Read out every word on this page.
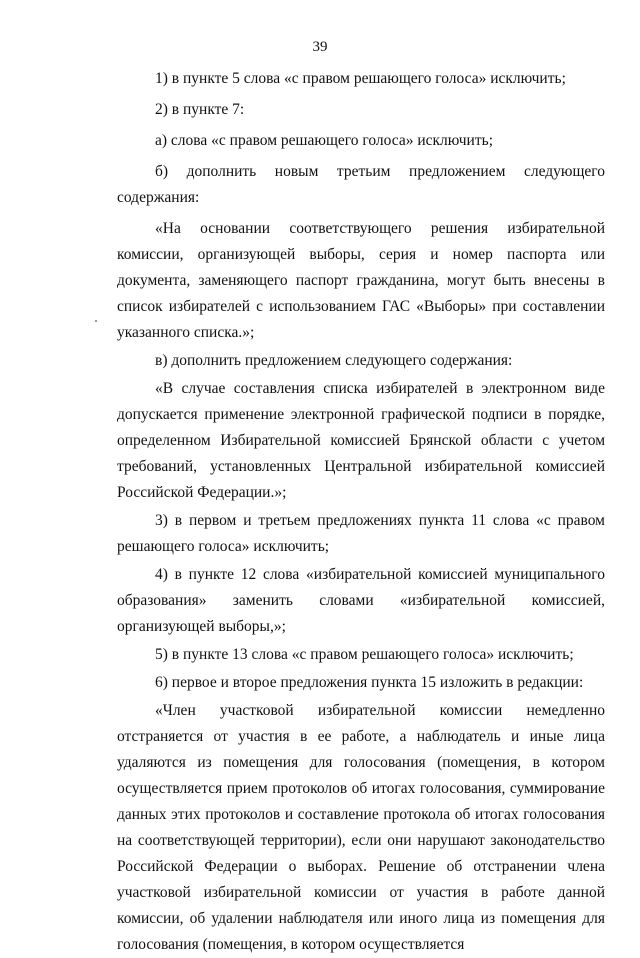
39

1) в пункте 5 слова «с правом решающего голоса» исключить;

2) в пункте 7:

а) слова «с правом решающего голоса» исключить;

б) дополнить новым третьим предложением следующего содержания:

«На основании соответствующего решения избирательной комиссии, организующей выборы, серия и номер паспорта или документа, заменяющего паспорт гражданина, могут быть внесены в список избирателей с использованием ГАС «Выборы» при составлении указанного списка.»;

в) дополнить предложением следующего содержания:

«В случае составления списка избирателей в электронном виде допускается применение электронной графической подписи в порядке, определенном Избирательной комиссией Брянской области с учетом требований, установленных Центральной избирательной комиссией Российской Федерации.»;

3) в первом и третьем предложениях пункта 11 слова «с правом решающего голоса» исключить;

4) в пункте 12 слова «избирательной комиссией муниципального образования» заменить словами «избирательной комиссией, организующей выборы,»;

5) в пункте 13 слова «с правом решающего голоса» исключить;

6) первое и второе предложения пункта 15 изложить в редакции:

«Член участковой избирательной комиссии немедленно отстраняется от участия в ее работе, а наблюдатель и иные лица удаляются из помещения для голосования (помещения, в котором осуществляется прием протоколов об итогах голосования, суммирование данных этих протоколов и составление протокола об итогах голосования на соответствующей территории), если они нарушают законодательство Российской Федерации о выборах. Решение об отстранении члена участковой избирательной комиссии от участия в работе данной комиссии, об удалении наблюдателя или иного лица из помещения для голосования (помещения, в котором осуществляется
